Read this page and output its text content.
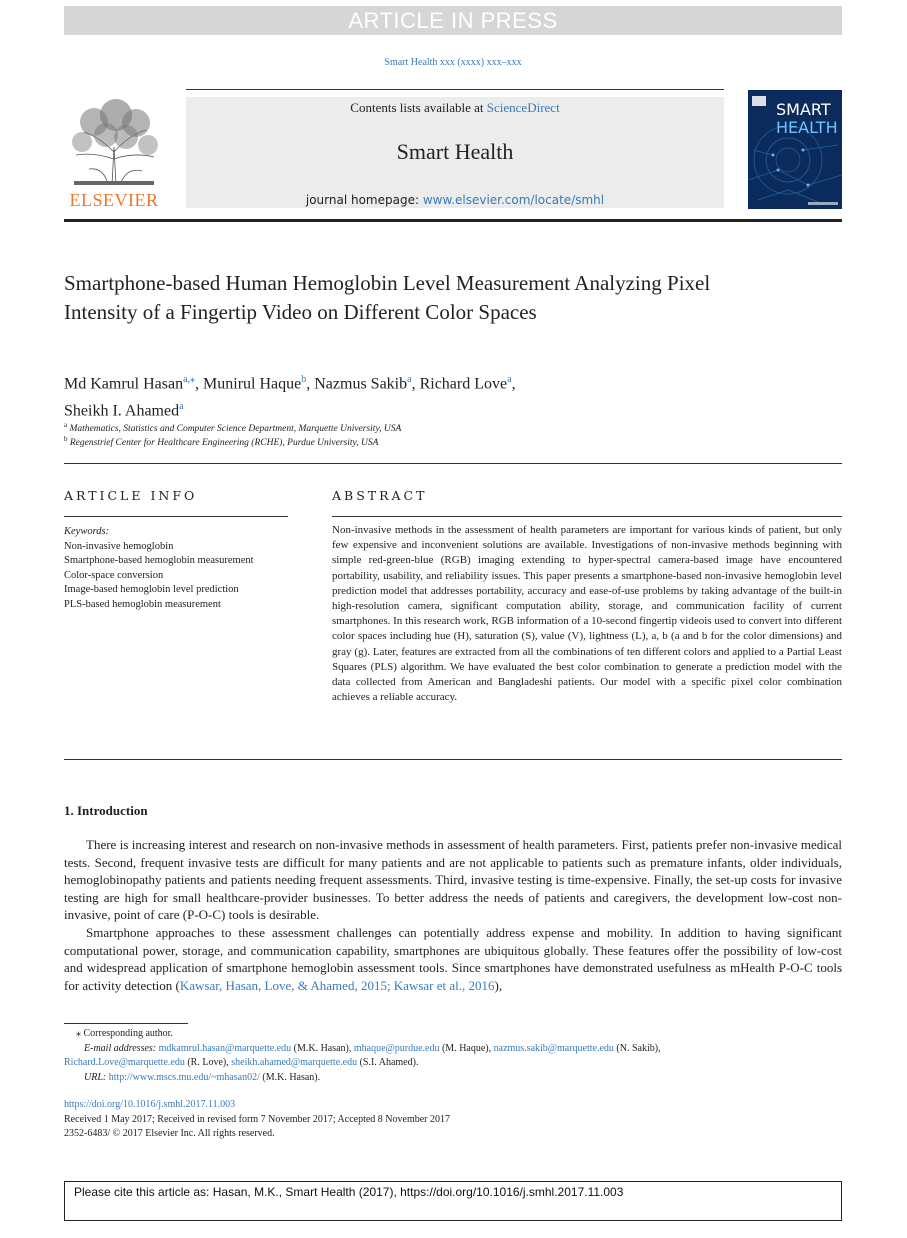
ARTICLE IN PRESS
Smart Health xxx (xxxx) xxx–xxx
ELSEVIER
Contents lists available at ScienceDirect
Smart Health
journal homepage: www.elsevier.com/locate/smhl
SMART
HEALTH
Smartphone-based Human Hemoglobin Level Measurement Analyzing Pixel Intensity of a Fingertip Video on Different Color Spaces
Md Kamrul Hasan$^{a,⁎}$, Munirul Haque$^b$, Nazmus Sakib$^a$, Richard Love$^a$,
Sheikh I. Ahamed$^a$
$^a$ Mathematics, Statistics and Computer Science Department, Marquette University, USA
$^b$ Regenstrief Center for Healthcare Engineering (RCHE), Purdue University, USA
ARTICLE INFO
Keywords:
Non-invasive hemoglobin
Smartphone-based hemoglobin measurement
Color-space conversion
Image-based hemoglobin level prediction
PLS-based hemoglobin measurement
ABSTRACT
Non-invasive methods in the assessment of health parameters are important for various kinds of patient, but only few expensive and inconvenient solutions are available. Investigations of non-invasive methods beginning with simple red-green-blue (RGB) imaging extending to hyper-spectral camera-based image have encountered portability, usability, and reliability issues. This paper presents a smartphone-based non-invasive hemoglobin level prediction model that addresses portability, accuracy and ease-of-use problems by taking advantage of the built-in high-resolution camera, significant computation ability, storage, and communication facility of current smartphones. In this research work, RGB information of a 10-second fingertip videois used to convert into different color spaces including hue (H), saturation (S), value (V), lightness (L), a, b (a and b for the color dimensions) and gray (g). Later, features are extracted from all the combinations of ten different colors and applied to a Partial Least Squares (PLS) algorithm. We have evaluated the best color combination to generate a prediction model with the data collected from American and Bangladeshi patients. Our model with a specific pixel color combination achieves a reliable accuracy.
1. Introduction
There is increasing interest and research on non-invasive methods in assessment of health parameters. First, patients prefer non-invasive medical tests. Second, frequent invasive tests are difficult for many patients and are not applicable to patients such as premature infants, older individuals, hemoglobinopathy patients and patients needing frequent assessments. Third, invasive testing is time-expensive. Finally, the set-up costs for invasive testing are high for small healthcare-provider businesses. To better address the needs of patients and caregivers, the development low-cost non-invasive, point of care (P-O-C) tools is desirable.
Smartphone approaches to these assessment challenges can potentially address expense and mobility. In addition to having significant computational power, storage, and communication capability, smartphones are ubiquitous globally. These features offer the possibility of low-cost and widespread application of smartphone hemoglobin assessment tools. Since smartphones have demonstrated usefulness as mHealth P-O-C tools for activity detection (Kawsar, Hasan, Love, & Ahamed, 2015; Kawsar et al., 2016),
⁎ Corresponding author.
E-mail addresses: mdkamrul.hasan@marquette.edu (M.K. Hasan), mhaque@purdue.edu (M. Haque), nazmus.sakib@marquette.edu (N. Sakib),
Richard.Love@marquette.edu (R. Love), sheikh.ahamed@marquette.edu (S.I. Ahamed).
URL: http://www.mscs.mu.edu/~mhasan02/ (M.K. Hasan).
https://doi.org/10.1016/j.smhl.2017.11.003
Received 1 May 2017; Received in revised form 7 November 2017; Accepted 8 November 2017
2352-6483/ © 2017 Elsevier Inc. All rights reserved.
Please cite this article as: Hasan, M.K., Smart Health (2017), https://doi.org/10.1016/j.smhl.2017.11.003
